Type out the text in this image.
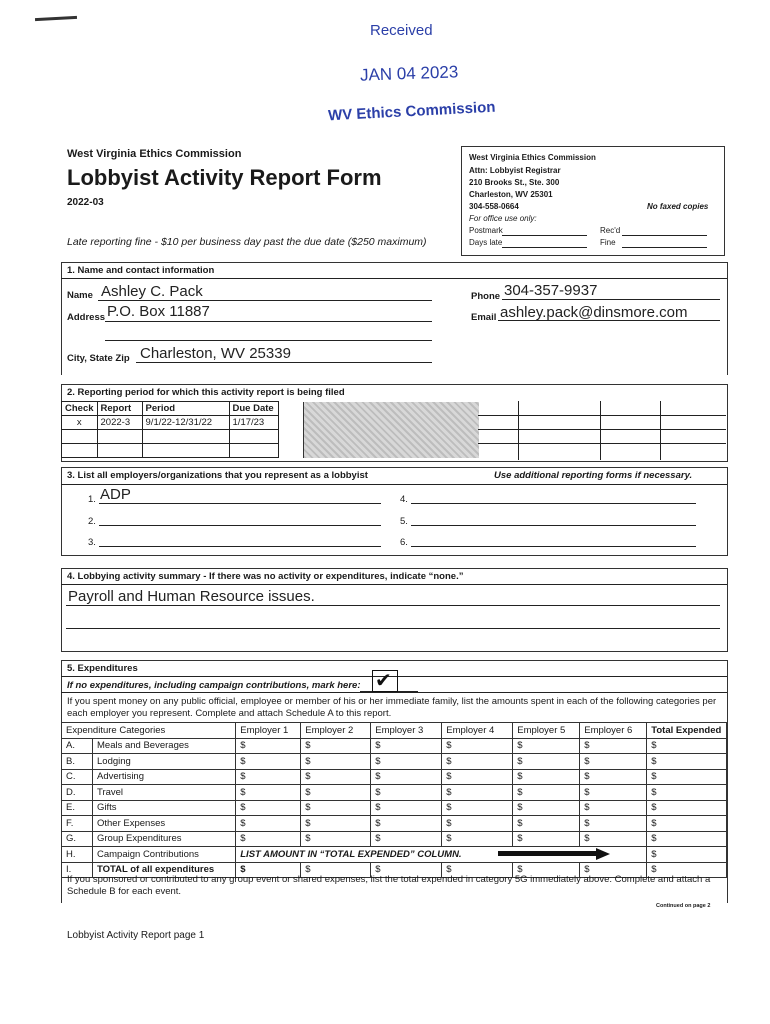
Received
JAN 04 2023
WV Ethics Commission
West Virginia Ethics Commission
Lobbyist Activity Report Form
2022-03
Late reporting fine - $10 per business day past the due date ($250 maximum)
West Virginia Ethics Commission
Attn: Lobbyist Registrar
210 Brooks St., Ste. 300
Charleston, WV 25301
304-558-0664	No faxed copies
For office use only:
Postmark	Rec'd
Days late	Fine
1. Name and contact information
Name Ashley C. Pack
Address P.O. Box 11887
City, State Zip Charleston, WV 25339
Phone 304-357-9937
Email ashley.pack@dinsmore.com
2. Reporting period for which this activity report is being filed
Check	Report	Period	Due Date
x	2022-3	9/1/22-12/31/22	1/17/23

3. List all employers/organizations that you represent as a lobbyist	Use additional reporting forms if necessary.
1. ADP
2.
3.
4.
5.
6.
4. Lobbying activity summary - If there was no activity or expenditures, indicate “none.”
Payroll and Human Resource issues.
5. Expenditures
If no expenditures, including campaign contributions, mark here: ✔
If you spent money on any public official, employee or member of his or her immediate family, list the amounts spent in each of the following categories per each employer you represent. Complete and attach Schedule A to this report.
Expenditure Categories		Employer 1	Employer 2	Employer 3	Employer 4	Employer 5	Employer 6	Total Expended
A.	Meals and Beverages	$	$	$	$	$	$	$
B.	Lodging	$	$	$	$	$	$	$
C.	Advertising	$	$	$	$	$	$	$
D.	Travel	$	$	$	$	$	$	$
E.	Gifts	$	$	$	$	$	$	$
F.	Other Expenses	$	$	$	$	$	$	$
G.	Group Expenditures	$	$	$	$	$	$	$
H.	Campaign Contributions	LIST AMOUNT IN “TOTAL EXPENDED” COLUMN.						$
I.	TOTAL of all expenditures	$	$	$	$	$	$	$
If you sponsored or contributed to any group event or shared expenses, list the total expended in category 5G immediately above. Complete and attach a Schedule B for each event.
Continued on page 2
Lobbyist Activity Report page 1
